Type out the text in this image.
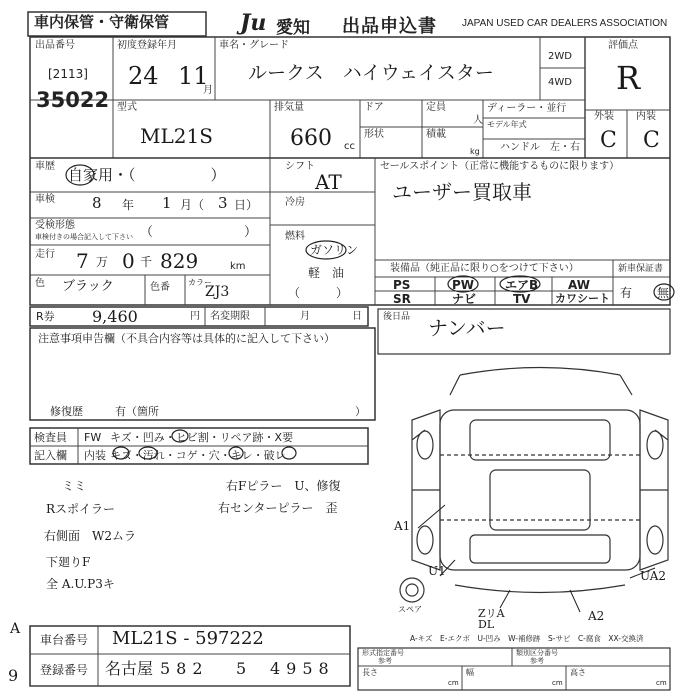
車内保管・守衛保管	Ju 愛知 出品申込書	JAPAN USED CAR DEALERS ASSOCIATION
出品番号
[2113]
35022
初度登録年月
24 11
月
車名・グレード
ルークス　ハイウェイスター
2WD
4WD
評価点
R
外装 内装
C C
型式
ML21S
排気量
660 cc
ドア	定員
人
形状	積載
kg
ディーラー・並行
モデル年式
ハンドル　左・右
車歴 自家用・（　　　　　）
車検 8 年 1 月（ 3 日）
受検形態
車検付きの場合記入して下さい （　　　　　　　）
走行 7 万 0 千 829	km
色 ブラック	色番 カラー
ZJ3
シフト
AT
冷房
燃料
ガソリン
軽　油
（　　　）
セールスポイント（正常に機能するものに限ります）
ユーザー買取車
装備品（純正品に限り○をつけて下さい）
PS	PW	エアB AW
SR	ナビ	TV カワシート
新車保証書
有 無
R券 9,460	円 名変期限	月	日
注意事項申告欄（不具合内容等は具体的に記入して下さい）
修復歴	有（箇所	）
後日品 ナンバー
検査員
記入欄
FW キズ・凹み・ヒビ割・リペア跡・X要
内装 キズ・汚れ・コゲ・穴・キレ・破レ
ミミ
Rスポイラー
右側面　W2ムラ
下廻りF
全 A.U.P3キ
右Fピラー　U、修復
右センターピラー　歪
A1
U1	UA2
A2
スペア	ZリA DL
A-キズ　E-エクボ　U-凹み　W-補修跡　S-サビ　C-腐食　XX-交換済
車台番号 ML21S - 597222
登録番号 名古屋 582 5 4958
形式指定番号
参考
類別区分番号
参考
長さ
cm
幅
cm
高さ
cm
A
9
